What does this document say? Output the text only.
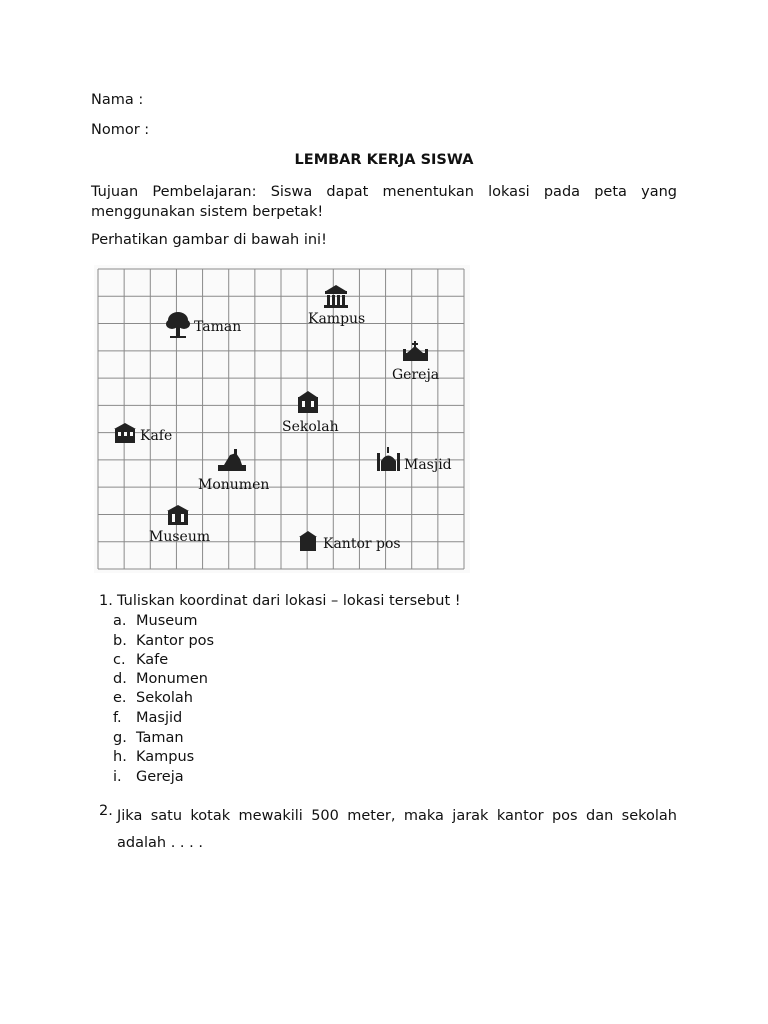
Nama :
Nomor :
LEMBAR KERJA SISWA
Tujuan Pembelajaran: Siswa dapat menentukan lokasi pada peta yang menggunakan sistem berpetak!
Perhatikan gambar di bawah ini!
Taman	Kampus
Gereja
Sekolah
Kafe
Monumen
Masjid
Museum	Kantor pos
1. Tuliskan koordinat dari lokasi – lokasi tersebut !
a. Museum
b. Kantor pos
c. Kafe
d. Monumen
e. Sekolah
f. Masjid
g. Taman
h. Kampus
i. Gereja
2. Jika satu kotak mewakili 500 meter, maka jarak kantor pos dan sekolah adalah . . . .
